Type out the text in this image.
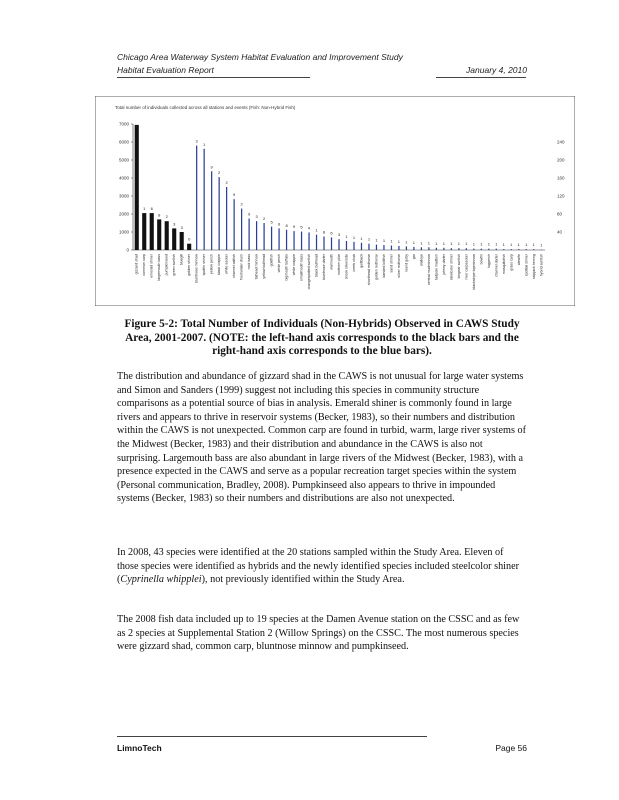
Chicago Area Waterway System Habitat Evaluation and Improvement Study
Habitat Evaluation Report	January 4, 2010
Total number of individuals collected across all stations and events (Fish: Non-Hybrid Fish)
0
1000
2000
3000
4000
5000
6000
7000
40
80
120
160
200
240
1
1 6
8 2
3
3
0
3
1
9
2
2
9
2
9
3 2
5 6 8 9 5 4 1 8 6 3 1 1 1 1 1 1 1 1 1 1 1 1 1 1 1 1 1 1 1 1 1 1 1 1 1 1 1
gizzard shad common carp emerald shiner largemouth bass pumpkinseed green sunfish bluegill golden shiner bluntnose minnow spotfin shiner yellow perch black crappie white sucker channel catfish freshwater drum rock bass fathead minnow yellow bullhead goldfish white perch bigmouth buffalo white crappie smallmouth bass orangespotted sunfish black bullhead bluntnose darter warmouth northern pike brook silverside creek chub quillback shorthead redhorse golden redhorse banded killifish sand shiner silver redhorse round goby gar walleye central mudminnow tadpole madtom johnny darter steelcolor shiner longear sunfish river carpsucker blackstripe topminnow bowfin logperch channel darter mosquitofish grass carp alewife spottail shiner skipjack herring hybrid sunfish
Figure 5-2: Total Number of Individuals (Non-Hybrids) Observed in CAWS Study Area, 2001-2007. (NOTE: the left-hand axis corresponds to the black bars and the right-hand axis corresponds to the blue bars).
The distribution and abundance of gizzard shad in the CAWS is not unusual for large water systems and Simon and Sanders (1999) suggest not including this species in community structure comparisons as a potential source of bias in analysis. Emerald shiner is commonly found in large rivers and appears to thrive in reservoir systems (Becker, 1983), so their numbers and distribution within the CAWS is not unexpected. Common carp are found in turbid, warm, large river systems of the Midwest (Becker, 1983) and their distribution and abundance in the CAWS is also not surprising. Largemouth bass are also abundant in large rivers of the Midwest (Becker, 1983), with a presence expected in the CAWS and serve as a popular recreation target species within the system (Personal communication, Bradley, 2008). Pumpkinseed also appears to thrive in impounded systems (Becker, 1983) so their numbers and distributions are also not unexpected.
In 2008, 43 species were identified at the 20 stations sampled within the Study Area. Eleven of those species were identified as hybrids and the newly identified species included steelcolor shiner (Cyprinella whipplei), not previously identified within the Study Area.
The 2008 fish data included up to 19 species at the Damen Avenue station on the CSSC and as few as 2 species at Supplemental Station 2 (Willow Springs) on the CSSC. The most numerous species were gizzard shad, common carp, bluntnose minnow and pumpkinseed.
LimnoTech	Page 56
